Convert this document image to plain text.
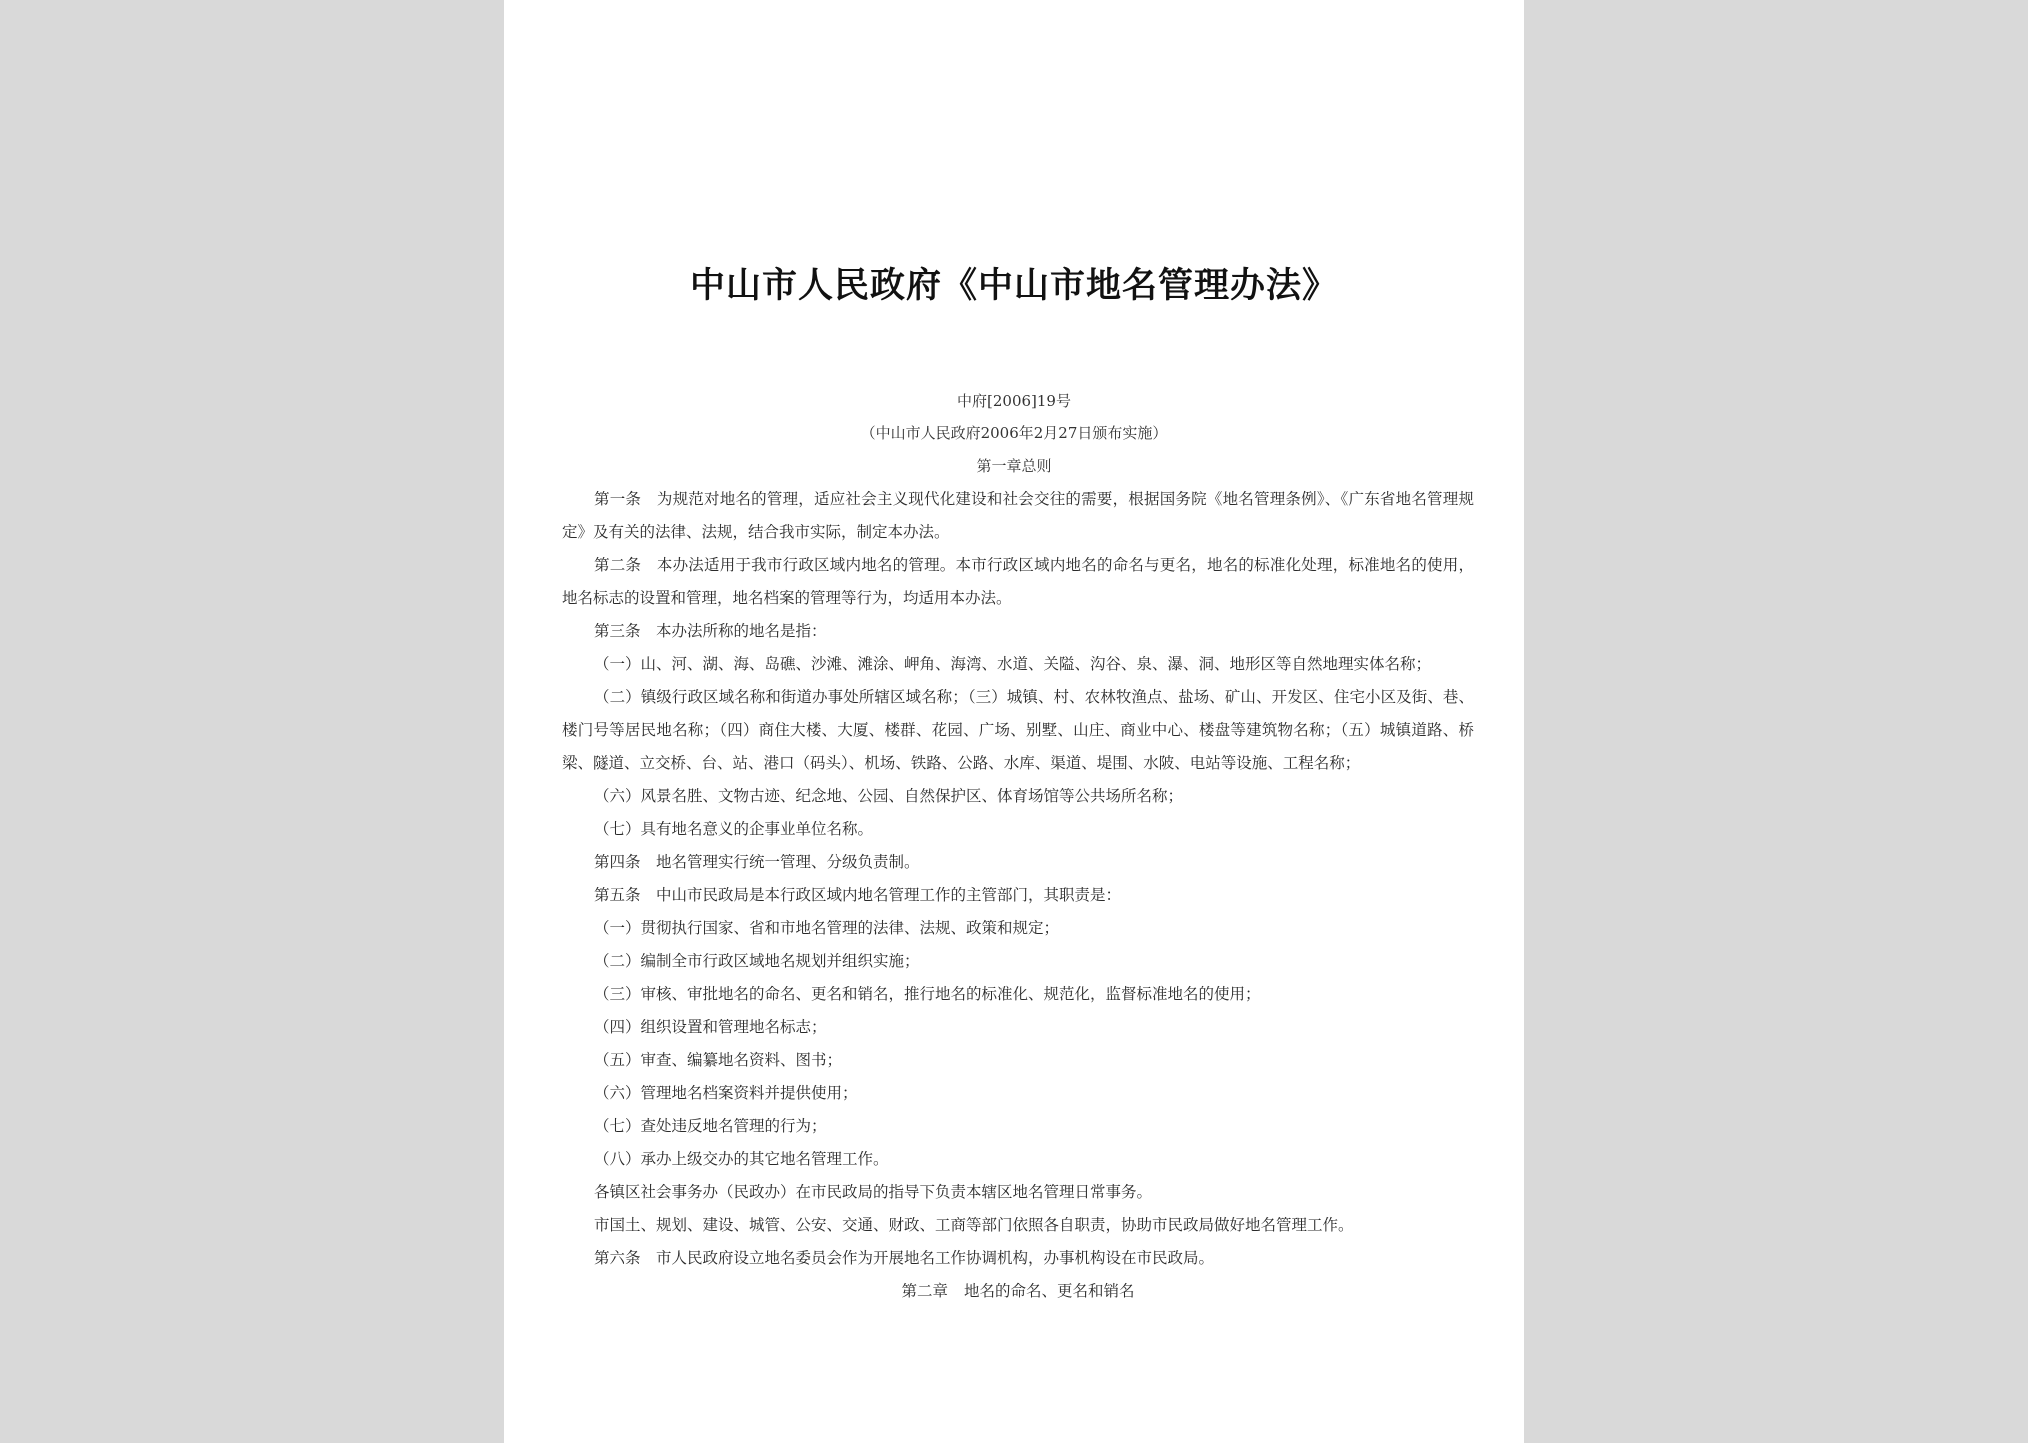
中山市人民政府《中山市地名管理办法》
中府[2006]19号
（中山市人民政府2006年2月27日颁布实施）
第一章总则

第一条　为规范对地名的管理，适应社会主义现代化建设和社会交往的需要，根据国务院《地名管理条例》、《广东省地名管理规定》及有关的法律、法规，结合我市实际，制定本办法。

第二条　本办法适用于我市行政区域内地名的管理。本市行政区域内地名的命名与更名，地名的标准化处理，标准地名的使用，地名标志的设置和管理，地名档案的管理等行为，均适用本办法。

第三条　本办法所称的地名是指：

（一）山、河、湖、海、岛礁、沙滩、滩涂、岬角、海湾、水道、关隘、沟谷、泉、瀑、洞、地形区等自然地理实体名称；

（二）镇级行政区域名称和街道办事处所辖区域名称；（三）城镇、村、农林牧渔点、盐场、矿山、开发区、住宅小区及街、巷、楼门号等居民地名称；（四）商住大楼、大厦、楼群、花园、广场、别墅、山庄、商业中心、楼盘等建筑物名称；（五）城镇道路、桥梁、隧道、立交桥、台、站、港口（码头）、机场、铁路、公路、水库、渠道、堤围、水陂、电站等设施、工程名称；

（六）风景名胜、文物古迹、纪念地、公园、自然保护区、体育场馆等公共场所名称；

（七）具有地名意义的企事业单位名称。

第四条　地名管理实行统一管理、分级负责制。

第五条　中山市民政局是本行政区域内地名管理工作的主管部门，其职责是：

（一）贯彻执行国家、省和市地名管理的法律、法规、政策和规定；

（二）编制全市行政区域地名规划并组织实施；

（三）审核、审批地名的命名、更名和销名，推行地名的标准化、规范化，监督标准地名的使用；

（四）组织设置和管理地名标志；

（五）审查、编纂地名资料、图书；

（六）管理地名档案资料并提供使用；

（七）查处违反地名管理的行为；

（八）承办上级交办的其它地名管理工作。

各镇区社会事务办（民政办）在市民政局的指导下负责本辖区地名管理日常事务。

市国土、规划、建设、城管、公安、交通、财政、工商等部门依照各自职责，协助市民政局做好地名管理工作。

第六条　市人民政府设立地名委员会作为开展地名工作协调机构，办事机构设在市民政局。

第二章 地名的命名、更名和销名
